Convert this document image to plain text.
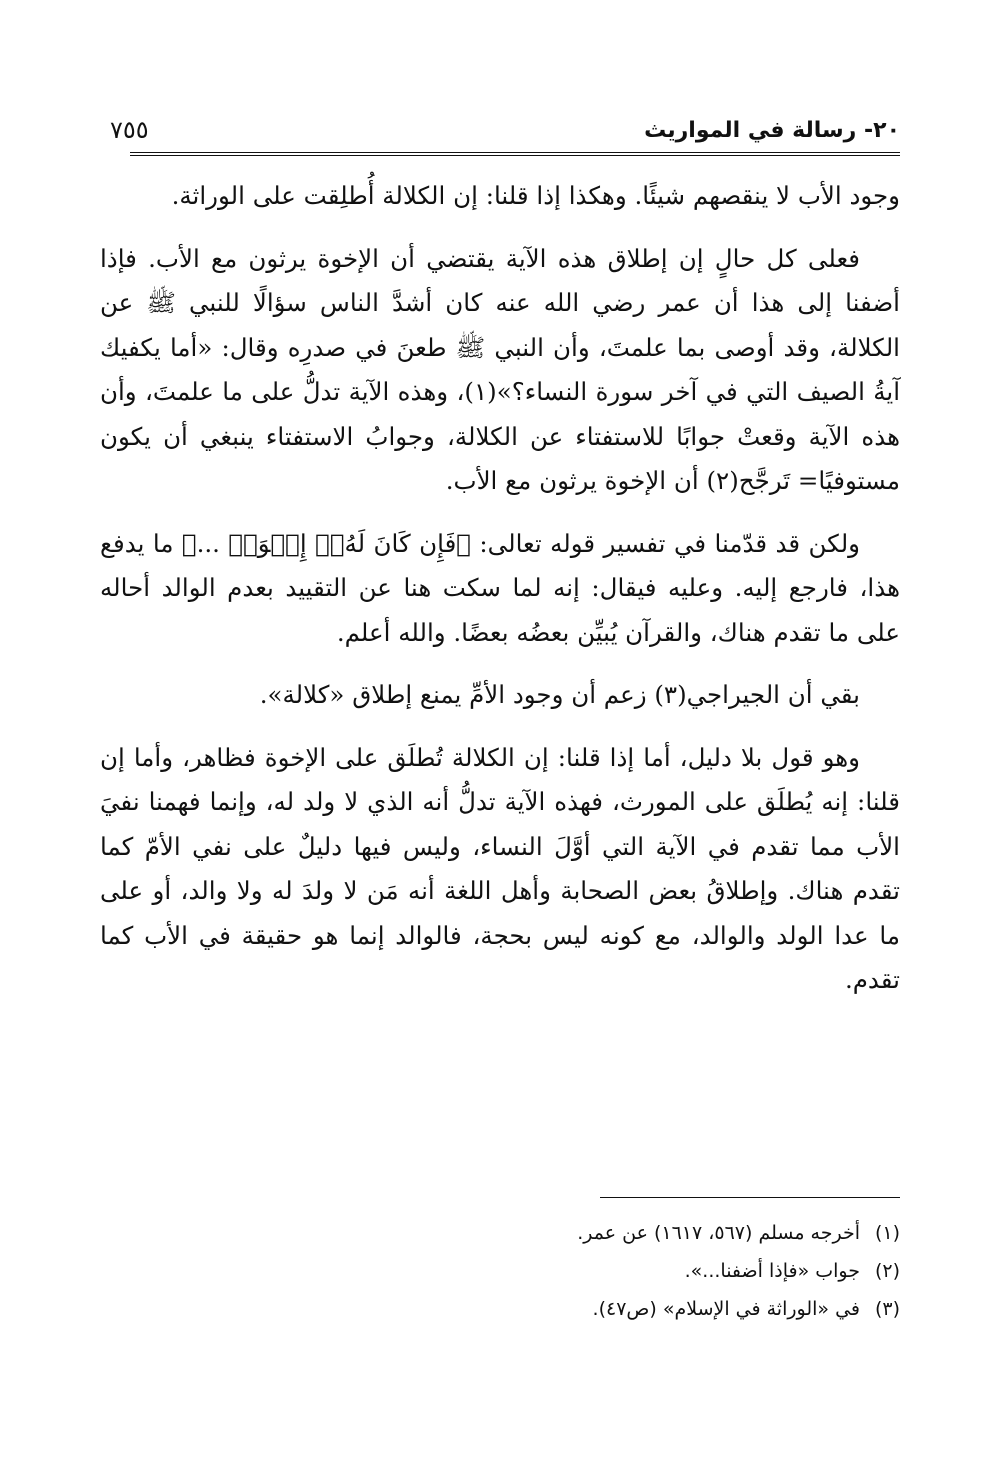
٢٠- رسالة في المواريث
٧٥٥

وجود الأب لا ينقصهم شيئًا. وهكذا إذا قلنا: إن الكلالة أُطلِقت على الوراثة.

فعلى كل حالٍ إن إطلاق هذه الآية يقتضي أن الإخوة يرثون مع الأب. فإذا أضفنا إلى هذا أن عمر رضي الله عنه كان أشدَّ الناس سؤالًا للنبي ﷺ عن الكلالة، وقد أوصى بما علمتَ، وأن النبي ﷺ طعنَ في صدرِه وقال: «أما يكفيك آيةُ الصيف التي في آخر سورة النساء؟»(١)، وهذه الآية تدلُّ على ما علمتَ، وأن هذه الآية وقعتْ جوابًا للاستفتاء عن الكلالة، وجوابُ الاستفتاء ينبغي أن يكون مستوفيًا= تَرجَّح(٢) أن الإخوة يرثون مع الأب.

ولكن قد قدّمنا في تفسير قوله تعالى: ﴿فَإِن كَانَ لَهُۥٓ إِخۡوَةٞ ...﴾ ما يدفع هذا، فارجع إليه. وعليه فيقال: إنه لما سكت هنا عن التقييد بعدم الوالد أحاله على ما تقدم هناك، والقرآن يُبيِّن بعضُه بعضًا. والله أعلم.

بقي أن الجيراجي(٣) زعم أن وجود الأمِّ يمنع إطلاق «كلالة».

وهو قول بلا دليل، أما إذا قلنا: إن الكلالة تُطلَق على الإخوة فظاهر، وأما إن قلنا: إنه يُطلَق على المورث، فهذه الآية تدلُّ أنه الذي لا ولد له، وإنما فهمنا نفيَ الأب مما تقدم في الآية التي أوَّلَ النساء، وليس فيها دليلٌ على نفي الأمّ كما تقدم هناك. وإطلاقُ بعض الصحابة وأهل اللغة أنه مَن لا ولدَ له ولا والد، أو على ما عدا الولد والوالد، مع كونه ليس بحجة، فالوالد إنما هو حقيقة في الأب كما تقدم.

(١)أخرجه مسلم (٥٦٧، ١٦١٧) عن عمر.

(٢)جواب «فإذا أضفنا...».

(٣)في «الوراثة في الإسلام» (ص٤٧).
